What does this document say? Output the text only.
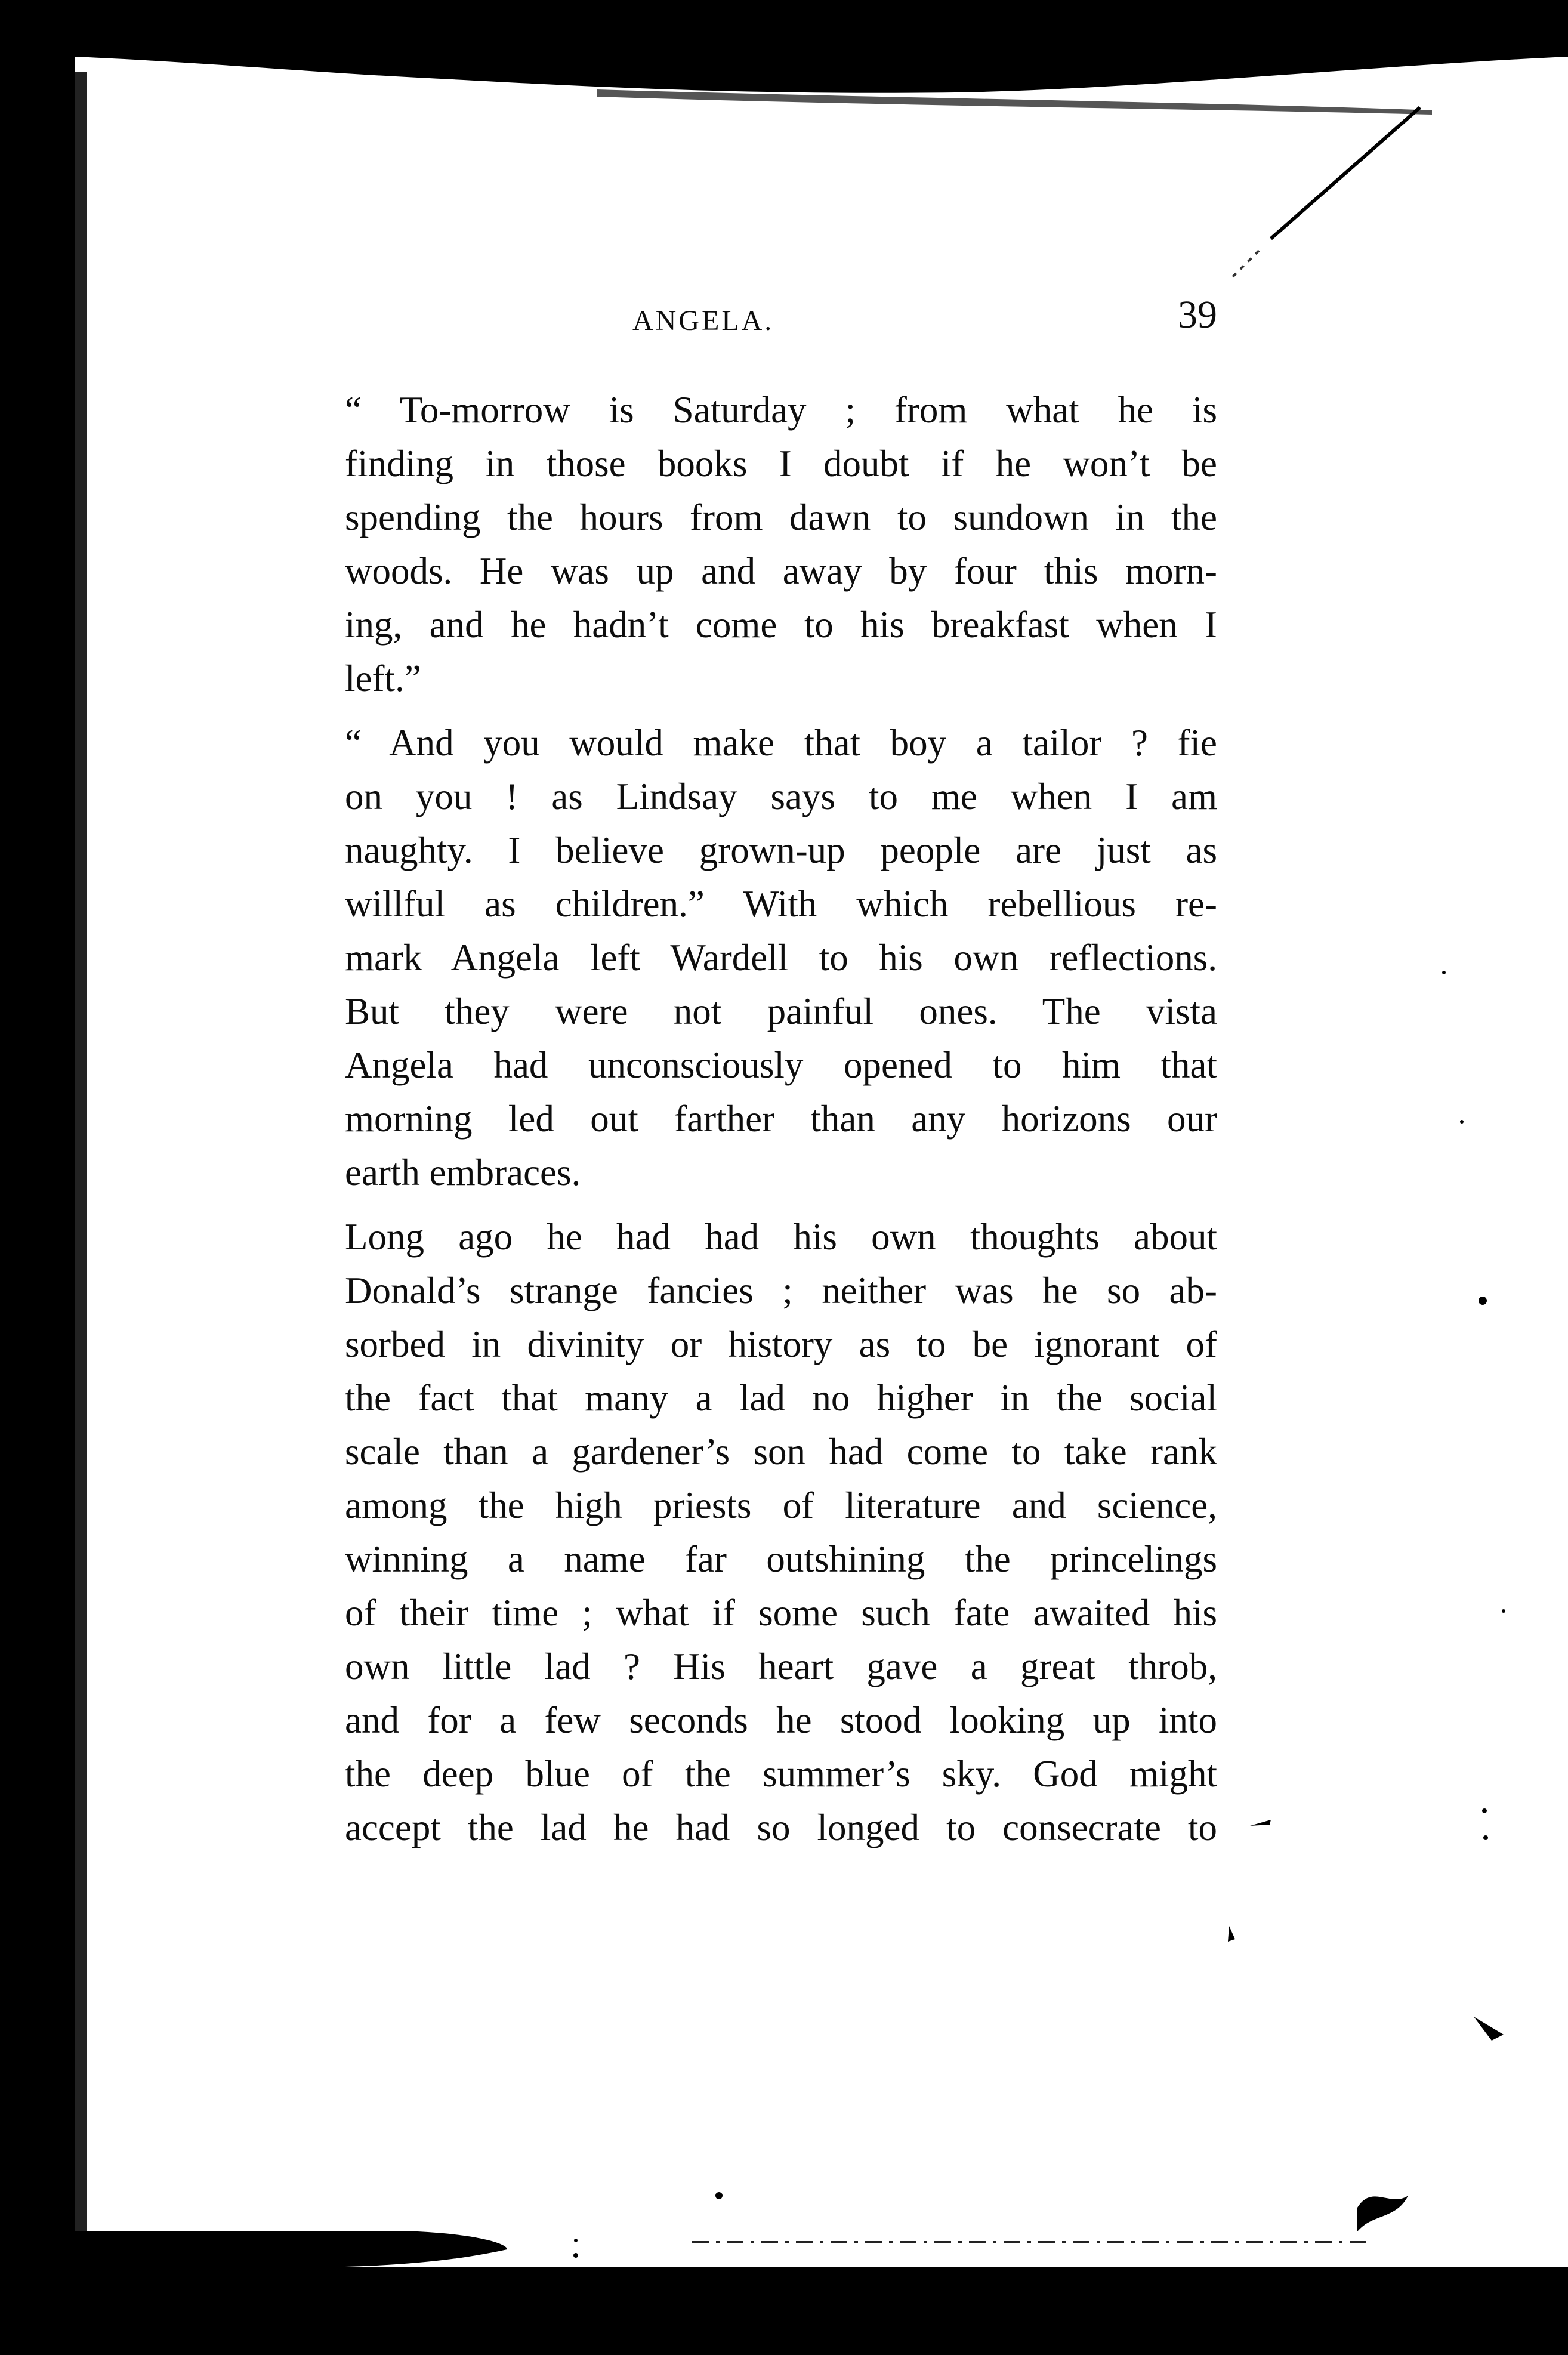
ANGELA.	39

“ To-morrow is Saturday ; from what he is
finding in those books I doubt if he won’t be
spending the hours from dawn to sundown in the
woods. He was up and away by four this morn-
ing, and he hadn’t come to his breakfast when I
left.”

“ And you would make that boy a tailor ? fie
on you ! as Lindsay says to me when I am
naughty. I believe grown-up people are just as
willful as children.” With which rebellious re-
mark Angela left Wardell to his own reflections.
But they were not painful ones. The vista
Angela had unconsciously opened to him that
morning led out farther than any horizons our
earth embraces.

Long ago he had had his own thoughts about
Donald’s strange fancies ; neither was he so ab-
sorbed in divinity or history as to be ignorant of
the fact that many a lad no higher in the social
scale than a gardener’s son had come to take rank
among the high priests of literature and science,
winning a name far outshining the princelings
of their time ; what if some such fate awaited his
own little lad ? His heart gave a great throb,
and for a few seconds he stood looking up into
the deep blue of the summer’s sky. God might
accept the lad he had so longed to consecrate to
